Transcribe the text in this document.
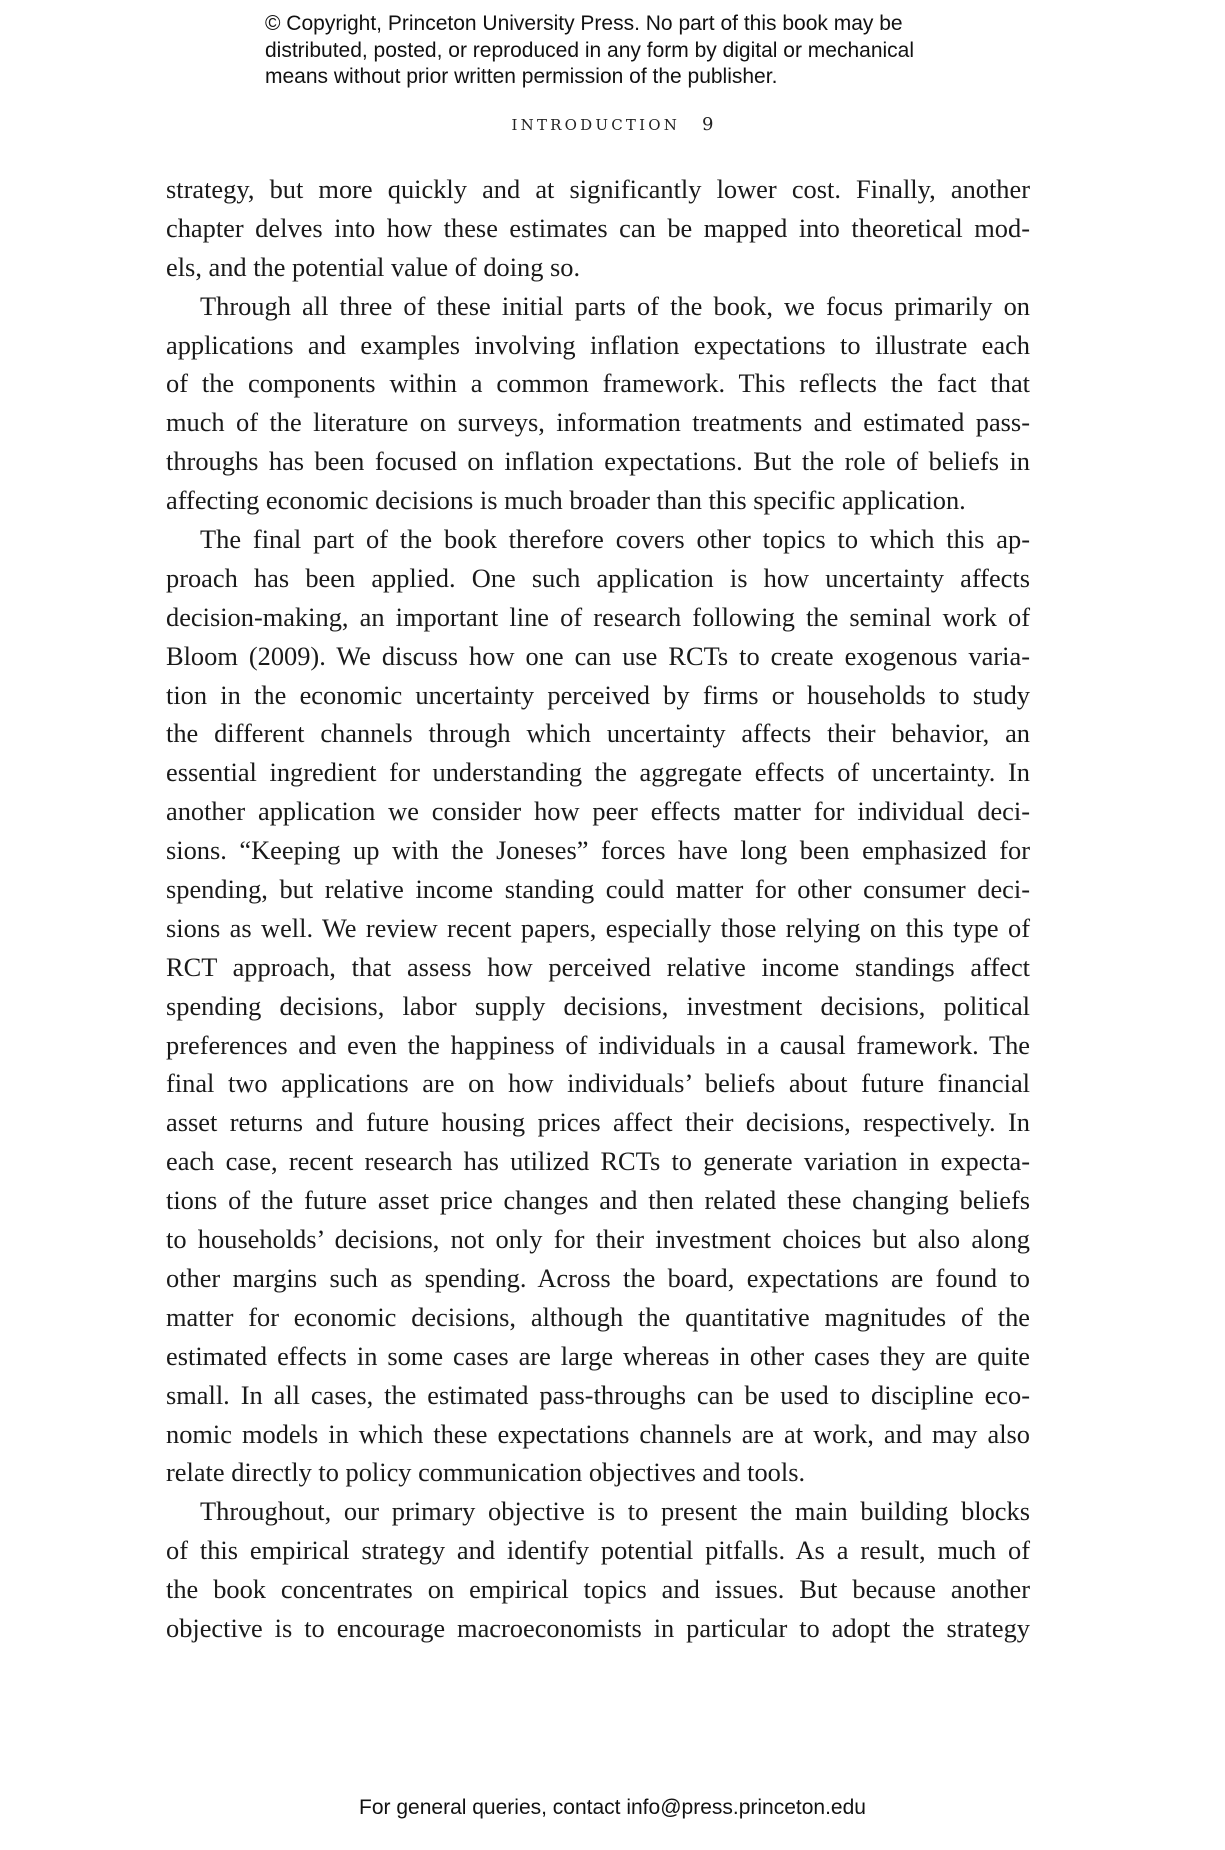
© Copyright, Princeton University Press. No part of this book may be

distributed, posted, or reproduced in any form by digital or mechanical

means without prior written permission of the publisher.

INTRODUCTION 9
strategy, but more quickly and at significantly lower cost. Finally, another
chapter delves into how these estimates can be mapped into theoretical mod-
els, and the potential value of doing so.
Through all three of these initial parts of the book, we focus primarily on
applications and examples involving inflation expectations to illustrate each
of the components within a common framework. This reflects the fact that
much of the literature on surveys, information treatments and estimated pass-
throughs has been focused on inflation expectations. But the role of beliefs in
affecting economic decisions is much broader than this specific application.
The final part of the book therefore covers other topics to which this ap-
proach has been applied. One such application is how uncertainty affects
decision-making, an important line of research following the seminal work of
Bloom (2009). We discuss how one can use RCTs to create exogenous varia-
tion in the economic uncertainty perceived by firms or households to study
the different channels through which uncertainty affects their behavior, an
essential ingredient for understanding the aggregate effects of uncertainty. In
another application we consider how peer effects matter for individual deci-
sions. “Keeping up with the Joneses” forces have long been emphasized for
spending, but relative income standing could matter for other consumer deci-
sions as well. We review recent papers, especially those relying on this type of
RCT approach, that assess how perceived relative income standings affect
spending decisions, labor supply decisions, investment decisions, political
preferences and even the happiness of individuals in a causal framework. The
final two applications are on how individuals’ beliefs about future financial
asset returns and future housing prices affect their decisions, respectively. In
each case, recent research has utilized RCTs to generate variation in expecta-
tions of the future asset price changes and then related these changing beliefs
to households’ decisions, not only for their investment choices but also along
other margins such as spending. Across the board, expectations are found to
matter for economic decisions, although the quantitative magnitudes of the
estimated effects in some cases are large whereas in other cases they are quite
small. In all cases, the estimated pass-throughs can be used to discipline eco-
nomic models in which these expectations channels are at work, and may also
relate directly to policy communication objectives and tools.
Throughout, our primary objective is to present the main building blocks
of this empirical strategy and identify potential pitfalls. As a result, much of
the book concentrates on empirical topics and issues. But because another
objective is to encourage macroeconomists in particular to adopt the strategy
For general queries, contact info@press.princeton.edu
